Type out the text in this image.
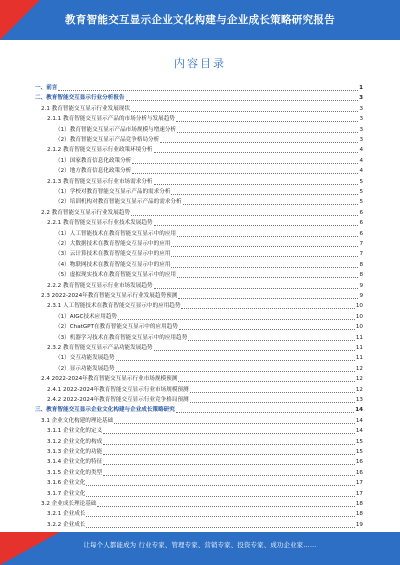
教育智能交互显示企业文化构建与企业成长策略研究报告
内容目录
一、前言	1
二、教育智能交互显示行业分析报告	3
2.1 教育智能交互显示行业发展现状	3
2.1.1 教育智能交互显示产品的市场分析与发展趋势	3
（1）教育智能交互显示产品市场规模与增速分析	3
（2）教育智能交互显示产品竞争格局分析	3
2.1.2 教育智能交互显示行业政策环境分析	4
（1）国家教育信息化政策分析	4
（2）地方教育信息化政策分析	4
2.1.3 教育智能交互显示行业市场需求分析	5
（1）学校对教育智能交互显示产品的需求分析	5
（2）培训机构对教育智能交互显示产品的需求分析	5
2.2 教育智能交互显示行业发展趋势	6
2.2.1 教育智能交互显示行业技术发展趋势	6
（1）人工智能技术在教育智能交互显示中的应用	6
（2）大数据技术在教育智能交互显示中的应用	7
（3）云计算技术在教育智能交互显示中的应用	7
（4）物联网技术在教育智能交互显示中的应用	8
（5）虚拟现实技术在教育智能交互显示中的应用	8
2.2.2 教育智能交互显示行业市场发展趋势	9
2.3 2022-2024年教育智能交互显示行业发展趋势预测	9
2.3.1 人工智能技术在教育智能交互显示中的应用趋势	10
（1）AIGC技术应用趋势	10
（2）ChatGPT在教育智能交互显示中的应用趋势	10
（3）机器学习技术在教育智能交互显示中的应用趋势	11
2.3.2 教育智能交互显示产品功能发展趋势	11
（1）交互功能发展趋势	11
（2）显示功能发展趋势	12
2.4 2022-2024年教育智能交互显示行业市场规模预测	12
2.4.1 2022-2024年教育智能交互显示行业市场规模预测	12
2.4.2 2022-2024年教育智能交互显示行业竞争格局预测	13
三、教育智能交互显示企业文化构建与企业成长策略研究	14
3.1 企业文化构建的理论基础	14
3.1.1 企业文化的定义	14
3.1.2 企业文化的构成	15
3.1.3 企业文化的功能	15
3.1.4 企业文化的特征	16
3.1.5 企业文化的类型	16
3.1.6 企业文化	17
3.1.7 企业文化	17
3.2 企业成长理论基础	18
3.2.1 企业成长	18
3.2.2 企业成长	19
让每个人都能成为 行业专家、管理专家、营销专家、投资专家、成功企业家……
